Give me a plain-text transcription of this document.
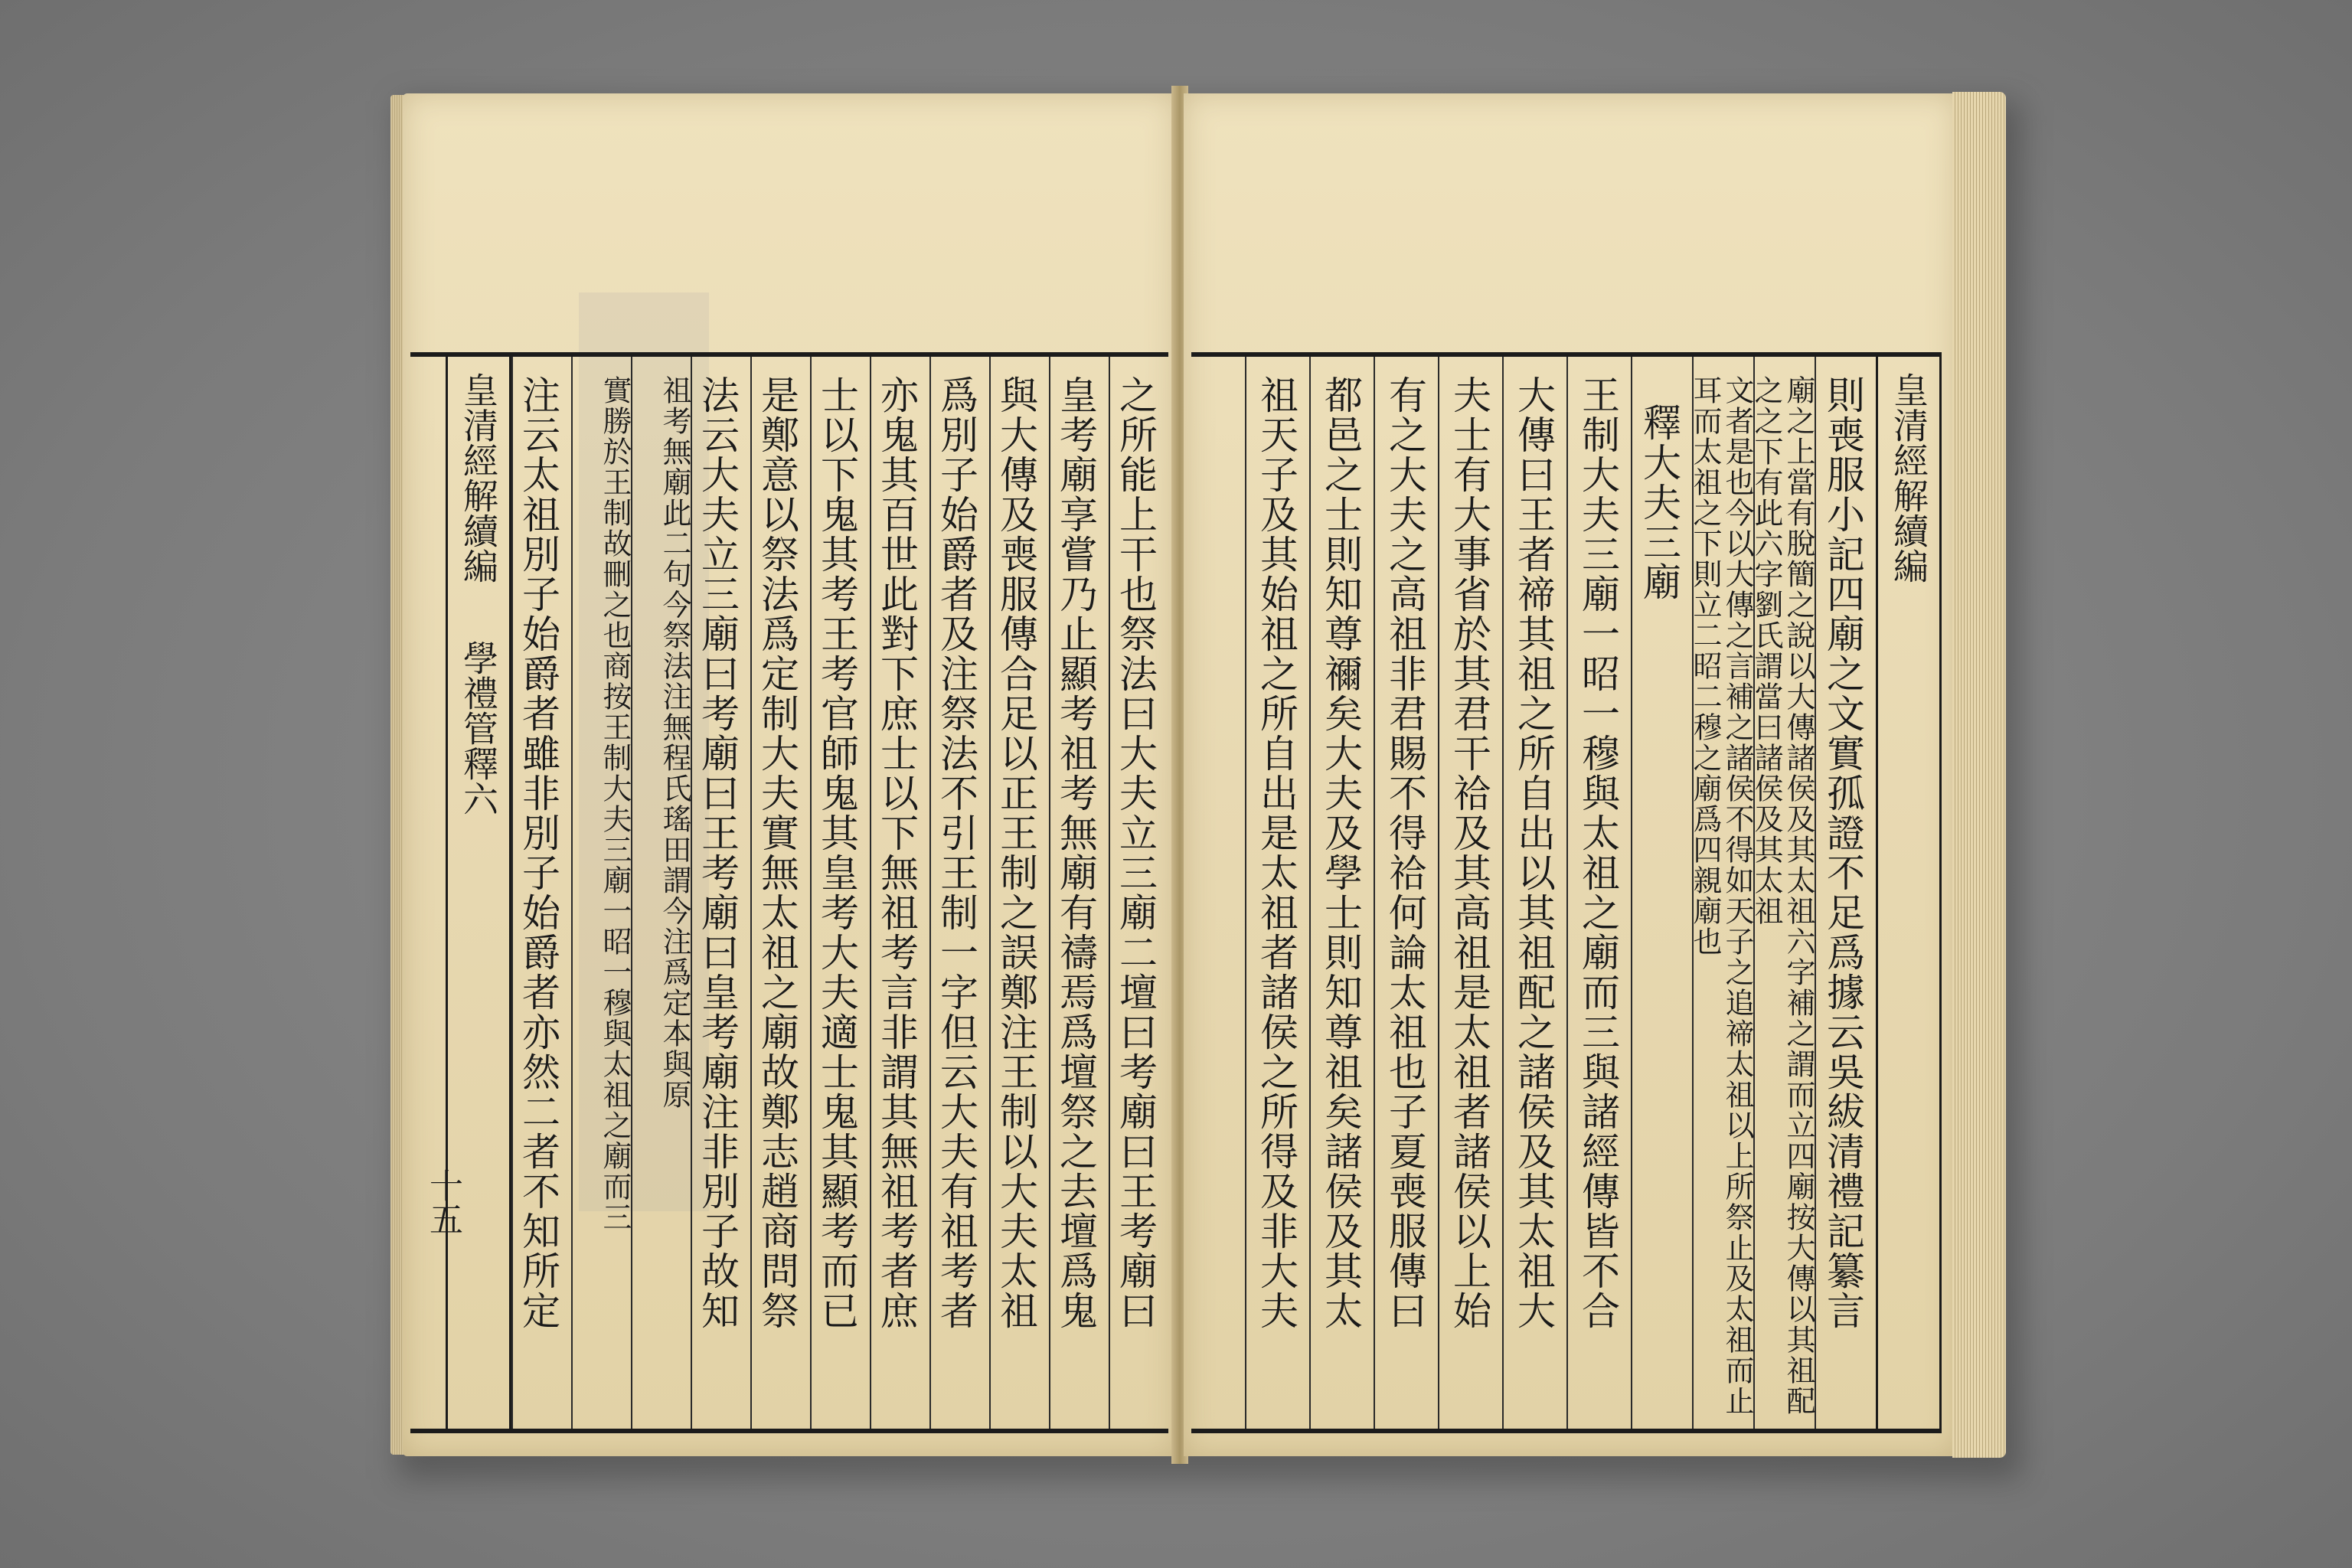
之所能上干也祭法曰大夫立三廟二壇曰考廟曰王考廟曰
皇考廟享嘗乃止顯考祖考無廟有禱焉爲壇祭之去壇爲鬼
與大傳及喪服傳合足以正王制之誤鄭注王制以大夫太祖
爲別子始爵者及注祭法不引王制一字但云大夫有祖考者
亦鬼其百世此對下庶士以下無祖考言非謂其無祖考者庶
士以下鬼其考王考官師鬼其皇考大夫適士鬼其顯考而已
是鄭意以祭法爲定制大夫實無太祖之廟故鄭志趙商問祭
法云大夫立三廟曰考廟曰王考廟曰皇考廟注非別子故知
祖考無廟此二句今祭法注無程氏瑤田謂今注爲定本與原
實勝於王制故刪之也商按王制大夫三廟一昭一穆與太祖之廟而三
注云太祖別子始爵者雖非別子始爵者亦然二者不知所定
皇清經解續編 學禮管釋六
十五
皇清經解續編
則喪服小記四廟之文實孤證不足爲據云吳紱清禮記纂言
廟之上當有脫簡之說以大傳諸侯及其太祖六字補之謂而立四廟按大傳以其祖配之之下有此六字劉氏謂當曰諸侯及其太祖
文者是也今以大傳之言補之諸侯不得如天子之追禘太祖以上所祭止及太祖而止耳而太祖之下則立二昭二穆之廟爲四親廟也
釋大夫三廟
王制大夫三廟一昭一穆與太祖之廟而三與諸經傳皆不合
大傳曰王者禘其祖之所自出以其祖配之諸侯及其太祖大
夫士有大事省於其君干祫及其高祖是太祖者諸侯以上始
有之大夫之高祖非君賜不得祫何論太祖也子夏喪服傳曰
都邑之士則知尊禰矣大夫及學士則知尊祖矣諸侯及其太
祖天子及其始祖之所自出是太祖者諸侯之所得及非大夫
